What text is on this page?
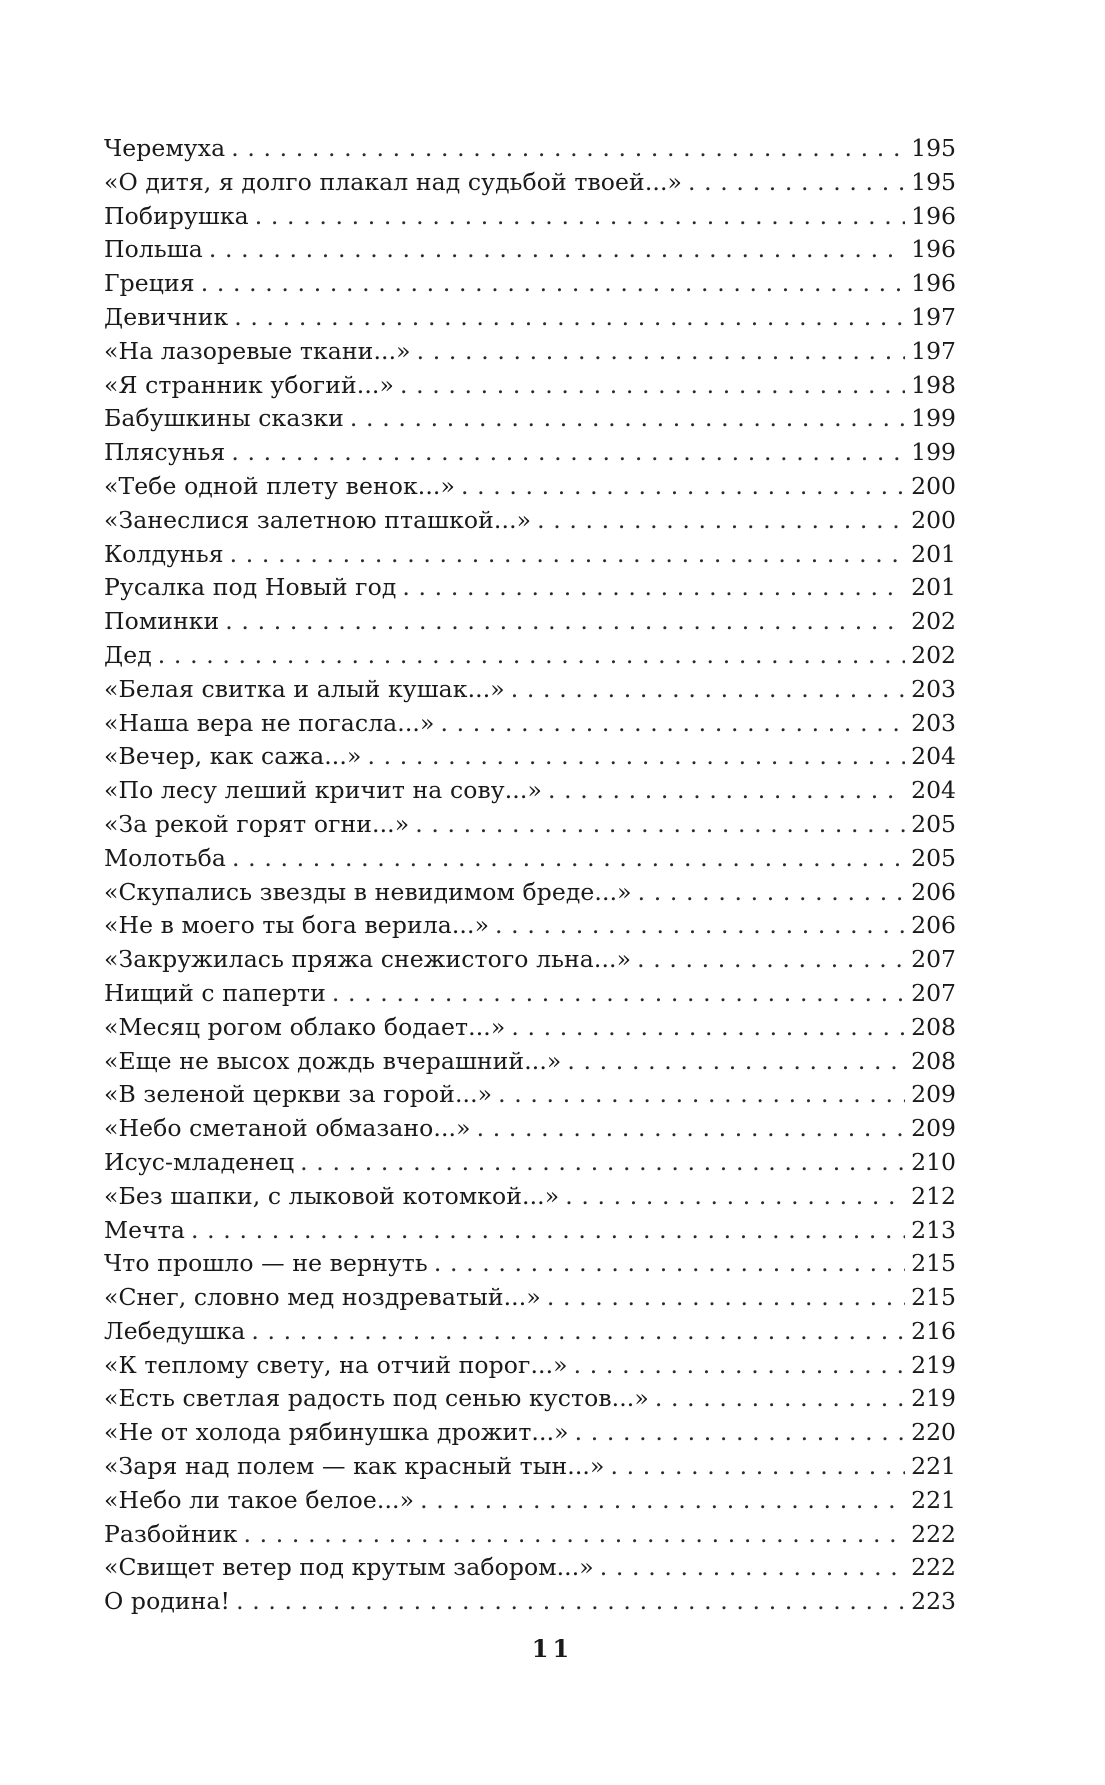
Черемуха . . .	195
«О дитя, я долго плакал над судьбой твоей...» . . .	195
Побирушка . . .	196
Польша . . .	196
Греция . . .	196
Девичник . . .	197
«На лазоревые ткани...» . . .	197
«Я странник убогий...» . . .	198
Бабушкины сказки . . .	199
Плясунья . . .	199
«Тебе одной плету венок...» . . .	200
«Занеслися залетною пташкой...» . . .	200
Колдунья . . .	201
Русалка под Новый год . . .	201
Поминки . . .	202
Дед . . .	202
«Белая свитка и алый кушак...» . . .	203
«Наша вера не погасла...» . . .	203
«Вечер, как сажа...» . . .	204
«По лесу леший кричит на сову...» . . .	204
«За рекой горят огни...» . . .	205
Молотьба . . .	205
«Скупались звезды в невидимом бреде...» . . .	206
«Не в моего ты бога верила...» . . .	206
«Закружилась пряжа снежистого льна...» . . .	207
Нищий с паперти . . .	207
«Месяц рогом облако бодает...» . . .	208
«Еще не высох дождь вчерашний...» . . .	208
«В зеленой церкви за горой...» . . .	209
«Небо сметаной обмазано...» . . .	209
Исус-младенец . . .	210
«Без шапки, с лыковой котомкой...» . . .	212
Мечта . . .	213
Что прошло — не вернуть . . .	215
«Снег, словно мед ноздреватый...» . . .	215
Лебедушка . . .	216
«К теплому свету, на отчий порог...» . . .	219
«Есть светлая радость под сенью кустов...» . . .	219
«Не от холода рябинушка дрожит...» . . .	220
«Заря над полем — как красный тын...» . . .	221
«Небо ли такое белое...» . . .	221
Разбойник . . .	222
«Свищет ветер под крутым забором...» . . .	222
О родина! . . .	223
11
